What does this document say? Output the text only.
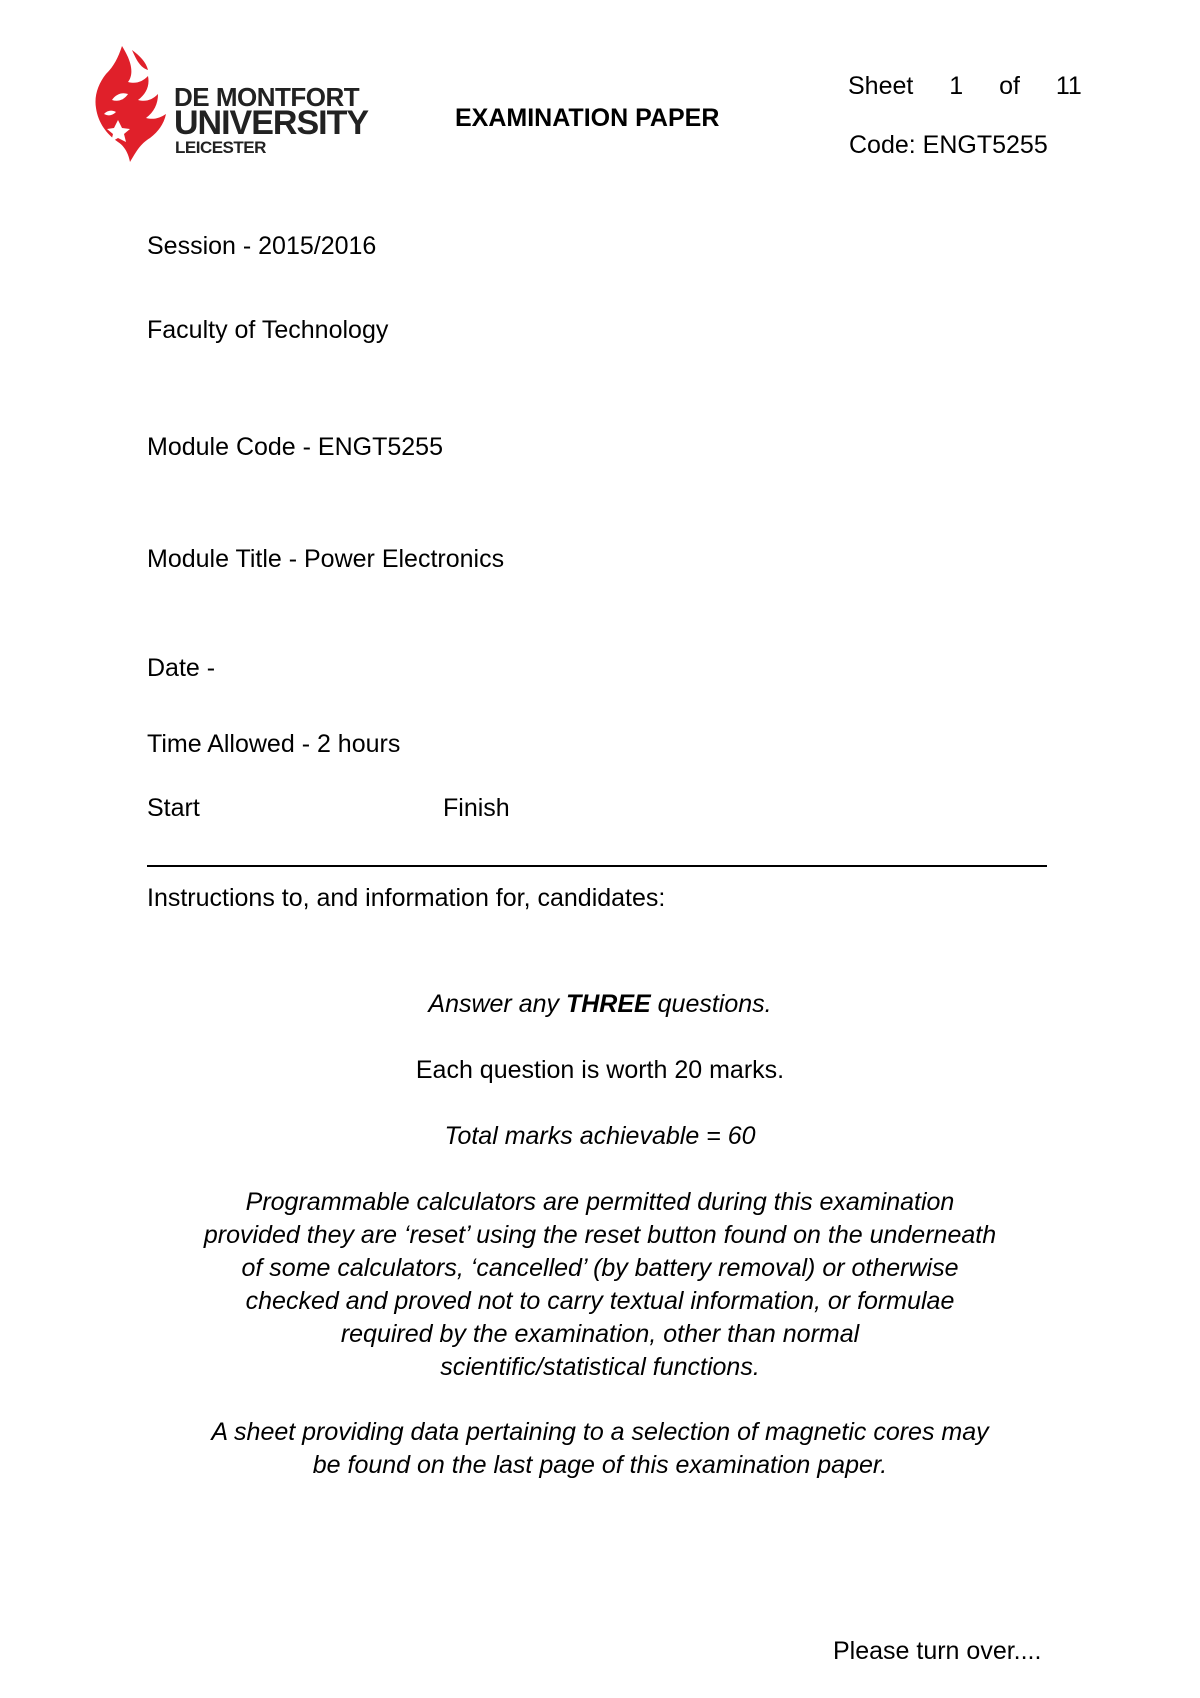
DE MONTFORT
UNIVERSITY
LEICESTER
EXAMINATION PAPER
Sheet 1 of 11
Code: ENGT5255
Session - 2015/2016
Faculty of Technology
Module Code - ENGT5255
Module Title - Power Electronics
Date -
Time Allowed - 2 hours
Start	Finish
Instructions to, and information for, candidates:
Answer any THREE questions.
Each question is worth 20 marks.
Total marks achievable = 60
Programmable calculators are permitted during this examination
provided they are ‘reset’ using the reset button found on the underneath
of some calculators, ‘cancelled’ (by battery removal) or otherwise
checked and proved not to carry textual information, or formulae
required by the examination, other than normal
scientific/statistical functions.
A sheet providing data pertaining to a selection of magnetic cores may
be found on the last page of this examination paper.
Please turn over....
